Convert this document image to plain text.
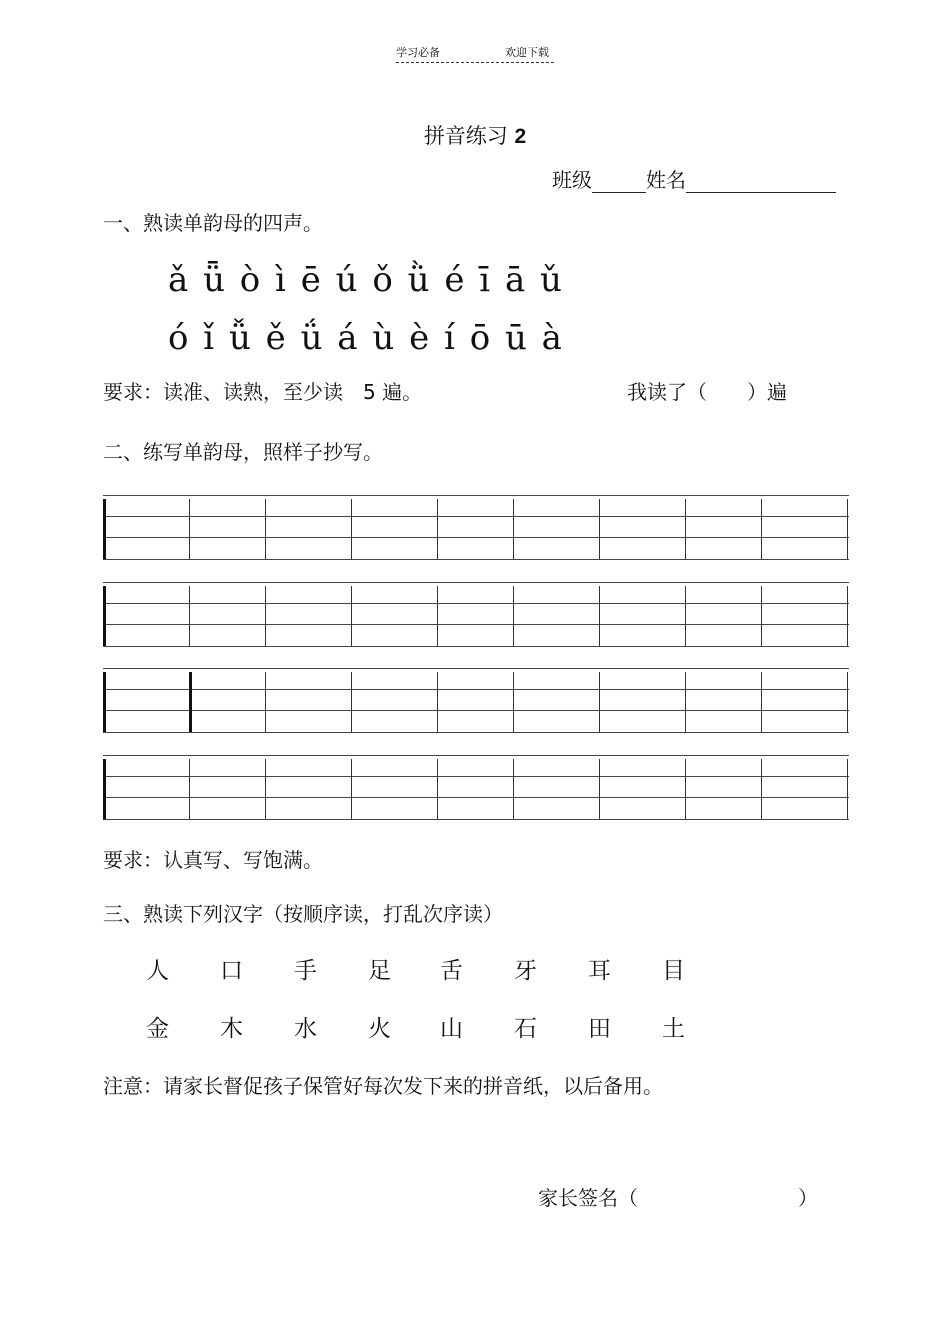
学习必备	欢迎下载
拼音练习 2
班级	姓名
一、熟读单韵母的四声。
ǎ ǖ ò ì ē ú ǒ ǜ é ī ā ǔ
ó ǐ ǚ ě ǘ á ù è í ō ū à
要求：读准、读熟，至少读　5 遍。	我读了（　　）遍
二、练写单韵母，照样子抄写。
要求：认真写、写饱满。
三、熟读下列汉字（按顺序读，打乱次序读）
人 口 手 足 舌 牙 耳 目
金 木 水 火 山 石 田 土
注意：请家长督促孩子保管好每次发下来的拼音纸，以后备用。
家长签名（	）
